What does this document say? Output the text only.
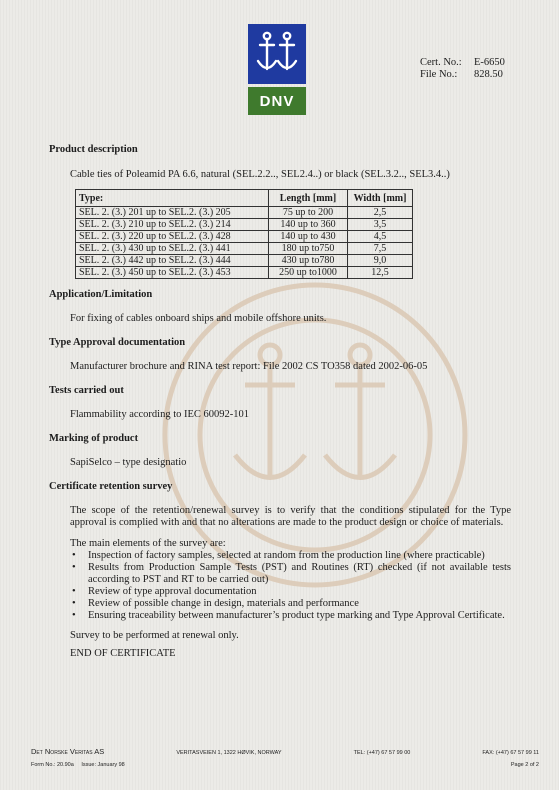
DNV
Cert. No.:	E-6650
File No.:	828.50
Product description

Cable ties of Poleamid PA 6.6, natural (SEL.2.2.., SEL2.4..) or black (SEL.3.2.., SEL3.4..)

Type:	Length [mm]	Width [mm]
SEL. 2. (3.) 201 up to SEL.2. (3.) 205	75 up to 200	2,5
SEL. 2. (3.) 210 up to SEL.2. (3.) 214	140 up to 360	3,5
SEL. 2. (3.) 220 up to SEL.2. (3.) 428	140 up to 430	4,5
SEL. 2. (3.) 430 up to SEL.2. (3.) 441	180 up to750	7,5
SEL. 2. (3.) 442 up to SEL.2. (3.) 444	430 up to780	9,0
SEL. 2. (3.) 450 up to SEL.2. (3.) 453	250 up to1000	12,5
Application/Limitation

For fixing of cables onboard ships and mobile offshore units.

Type Approval documentation

Manufacturer brochure and RINA test report: File 2002 CS TO358 dated 2002-06-05

Tests carried out

Flammability according to IEC 60092-101

Marking of product

SapiSelco – type designatio

Certificate retention survey

The scope of the retention/renewal survey is to verify that the conditions stipulated for the Type approval is complied with and that no alterations are made to the product design or choice of materials.

The main elements of the survey are:

• Inspection of factory samples, selected at random from the production line (where practicable)
• Results from Production Sample Tests (PST) and Routines (RT) checked (if not available tests according to PST and RT to be carried out)
• Review of type approval documentation
• Review of possible change in design, materials and performance
• Ensuring traceability between manufacturer’s product type marking and Type Approval Certificate.

Survey to be performed at renewal only.

END OF CERTIFICATE

Det Norske Veritas AS	VERITASVEIEN 1, 1322 HØVIK, NORWAY	TEL: (+47) 67 57 99 00	FAX: (+47) 67 57 99 11
Form No.: 20.90a Issue: January 98	Page 2 of 2
